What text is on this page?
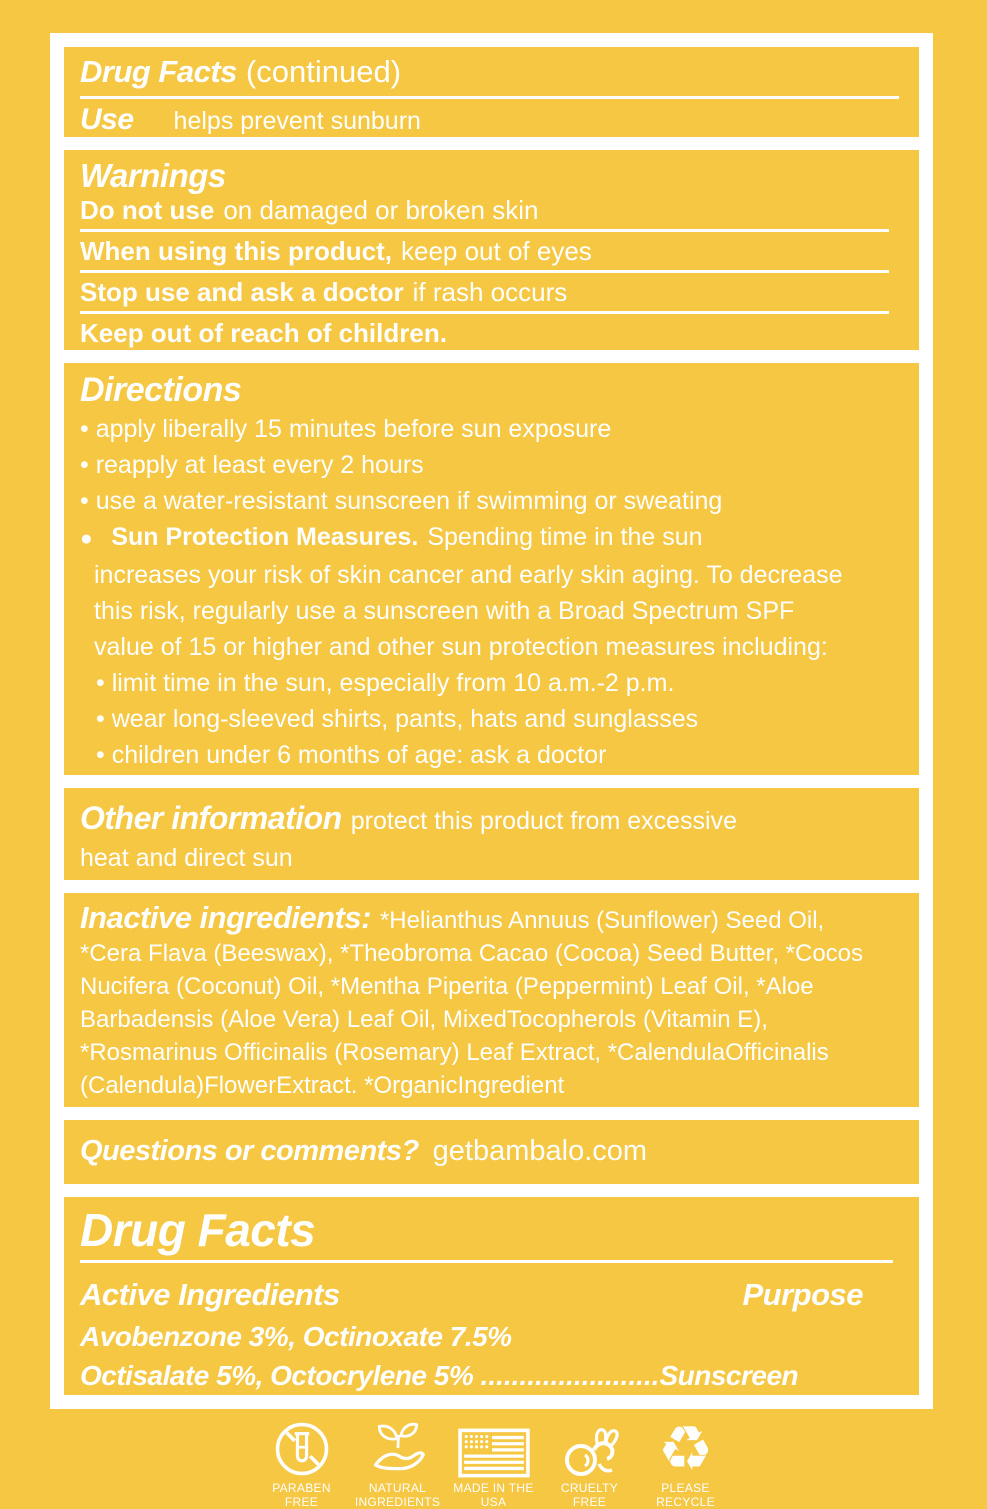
Drug Facts (continued)
Use helps prevent sunburn
Warnings
Do not use on damaged or broken skin
When using this product, keep out of eyes
Stop use and ask a doctor if rash occurs
Keep out of reach of children.
Directions
• apply liberally 15 minutes before sun exposure
• reapply at least every 2 hours
• use a water-resistant sunscreen if swimming or sweating
●  Sun Protection Measures. Spending time in the sun
increases your risk of skin cancer and early skin aging. To decrease
this risk, regularly use a sunscreen with a Broad Spectrum SPF
value of 15 or higher and other sun protection measures including:
• limit time in the sun, especially from 10 a.m.-2 p.m.
• wear long-sleeved shirts, pants, hats and sunglasses
• children under 6 months of age: ask a doctor
Other information protect this product from excessive
heat and direct sun
Inactive ingredients: *Helianthus Annuus (Sunflower) Seed Oil,
*Cera Flava (Beeswax), *Theobroma Cacao (Cocoa) Seed Butter, *Cocos
Nucifera (Coconut) Oil, *Mentha Piperita (Peppermint) Leaf Oil, *Aloe
Barbadensis (Aloe Vera) Leaf Oil, MixedTocopherols (Vitamin E),
*Rosmarinus Officinalis (Rosemary) Leaf Extract, *CalendulaOfficinalis
(Calendula)FlowerExtract. *OrganicIngredient
Questions or comments? getbambalo.com
Drug Facts
Active Ingredients	Purpose
Avobenzone 3%, Octinoxate 7.5%
Octisalate 5%, Octocrylene 5% .......................Sunscreen
PARABEN
FREE
NATURAL
INGREDIENTS
MADE IN THE
USA
CRUELTY
FREE
♻
PLEASE
RECYCLE
